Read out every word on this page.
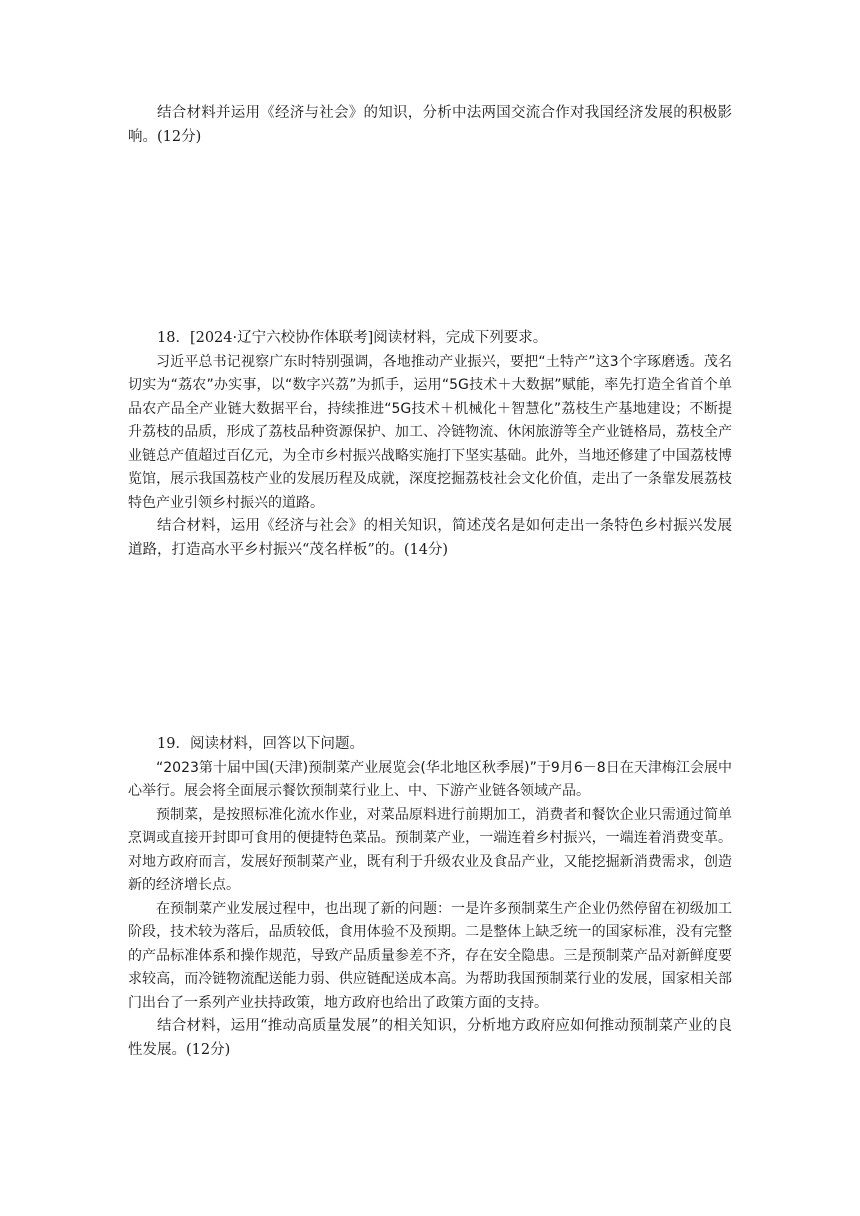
结合材料并运用《经济与社会》的知识，分析中法两国交流合作对我国经济发展的积极影响。(12分)

18．[2024·辽宁六校协作体联考]阅读材料，完成下列要求。

习近平总书记视察广东时特别强调，各地推动产业振兴，要把“土特产”这3个字琢磨透。茂名切实为“荔农”办实事，以“数字兴荔”为抓手，运用“5G技术＋大数据”赋能，率先打造全省首个单品农产品全产业链大数据平台，持续推进“5G技术＋机械化＋智慧化”荔枝生产基地建设；不断提升荔枝的品质，形成了荔枝品种资源保护、加工、冷链物流、休闲旅游等全产业链格局，荔枝全产业链总产值超过百亿元，为全市乡村振兴战略实施打下坚实基础。此外，当地还修建了中国荔枝博览馆，展示我国荔枝产业的发展历程及成就，深度挖掘荔枝社会文化价值，走出了一条靠发展荔枝特色产业引领乡村振兴的道路。

结合材料，运用《经济与社会》的相关知识，简述茂名是如何走出一条特色乡村振兴发展道路，打造高水平乡村振兴“茂名样板”的。(14分)

19．阅读材料，回答以下问题。

“2023第十届中国(天津)预制菜产业展览会(华北地区秋季展)”于9月6－8日在天津梅江会展中心举行。展会将全面展示餐饮预制菜行业上、中、下游产业链各领域产品。

预制菜，是按照标准化流水作业，对菜品原料进行前期加工，消费者和餐饮企业只需通过简单烹调或直接开封即可食用的便捷特色菜品。预制菜产业，一端连着乡村振兴，一端连着消费变革。对地方政府而言，发展好预制菜产业，既有利于升级农业及食品产业，又能挖掘新消费需求，创造新的经济增长点。

在预制菜产业发展过程中，也出现了新的问题：一是许多预制菜生产企业仍然停留在初级加工阶段，技术较为落后，品质较低，食用体验不及预期。二是整体上缺乏统一的国家标准，没有完整的产品标准体系和操作规范，导致产品质量参差不齐，存在安全隐患。三是预制菜产品对新鲜度要求较高，而冷链物流配送能力弱、供应链配送成本高。为帮助我国预制菜行业的发展，国家相关部门出台了一系列产业扶持政策，地方政府也给出了政策方面的支持。

结合材料，运用“推动高质量发展”的相关知识，分析地方政府应如何推动预制菜产业的良性发展。(12分)
